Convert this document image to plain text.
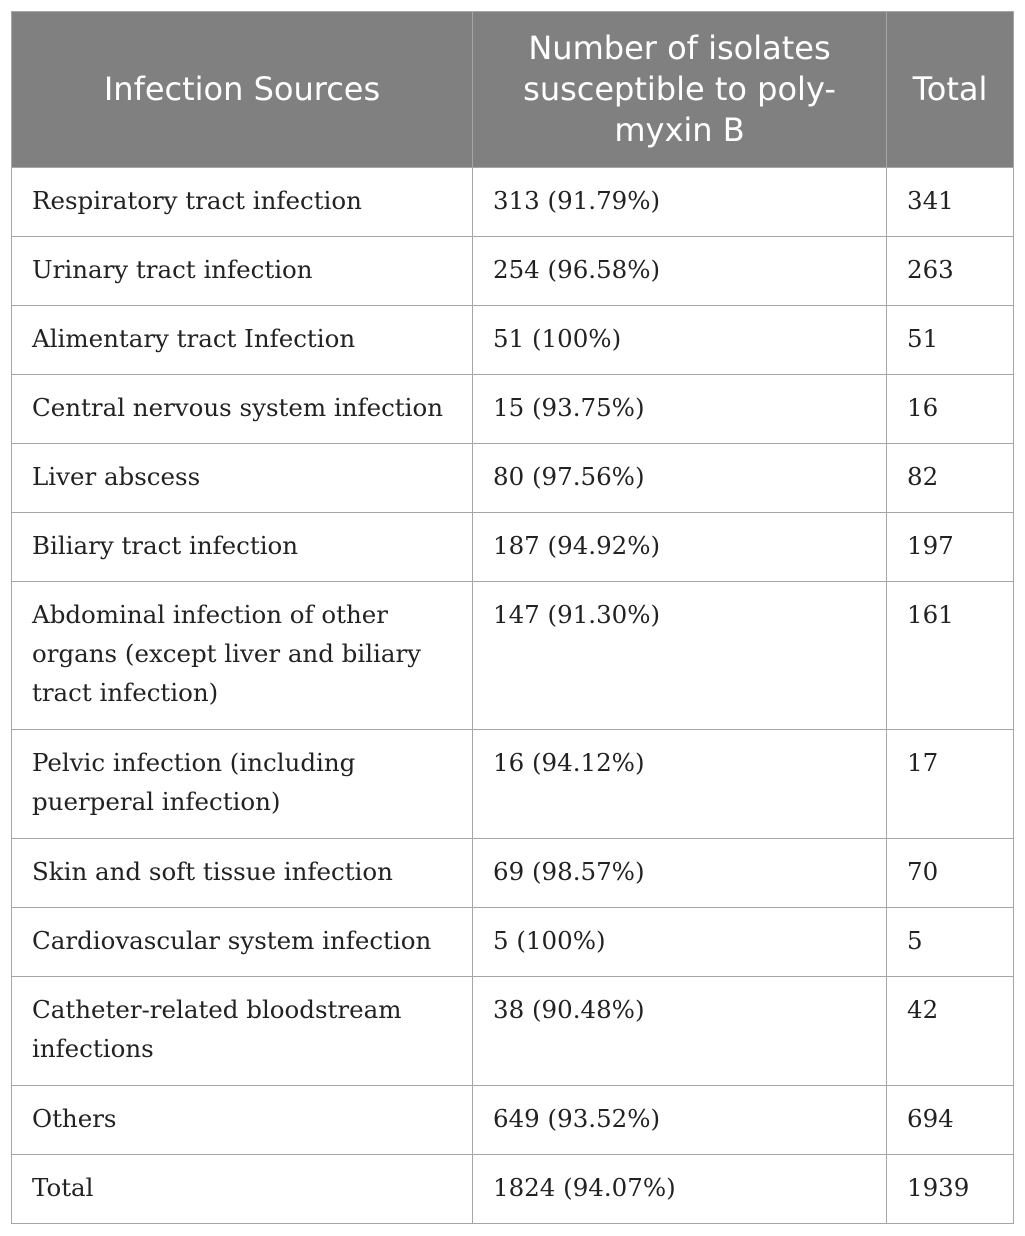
Infection Sources	Number of isolates susceptible to poly-myxin B	Total
Respiratory tract infection	313 (91.79%)	341
Urinary tract infection	254 (96.58%)	263
Alimentary tract Infection	51 (100%)	51
Central nervous system infection	15 (93.75%)	16
Liver abscess	80 (97.56%)	82
Biliary tract infection	187 (94.92%)	197
Abdominal infection of other organs (except liver and biliary tract infection)	147 (91.30%)	161
Pelvic infection (including puerperal infection)	16 (94.12%)	17
Skin and soft tissue infection	69 (98.57%)	70
Cardiovascular system infection	5 (100%)	5
Catheter-related bloodstream infections	38 (90.48%)	42
Others	649 (93.52%)	694
Total	1824 (94.07%)	1939
